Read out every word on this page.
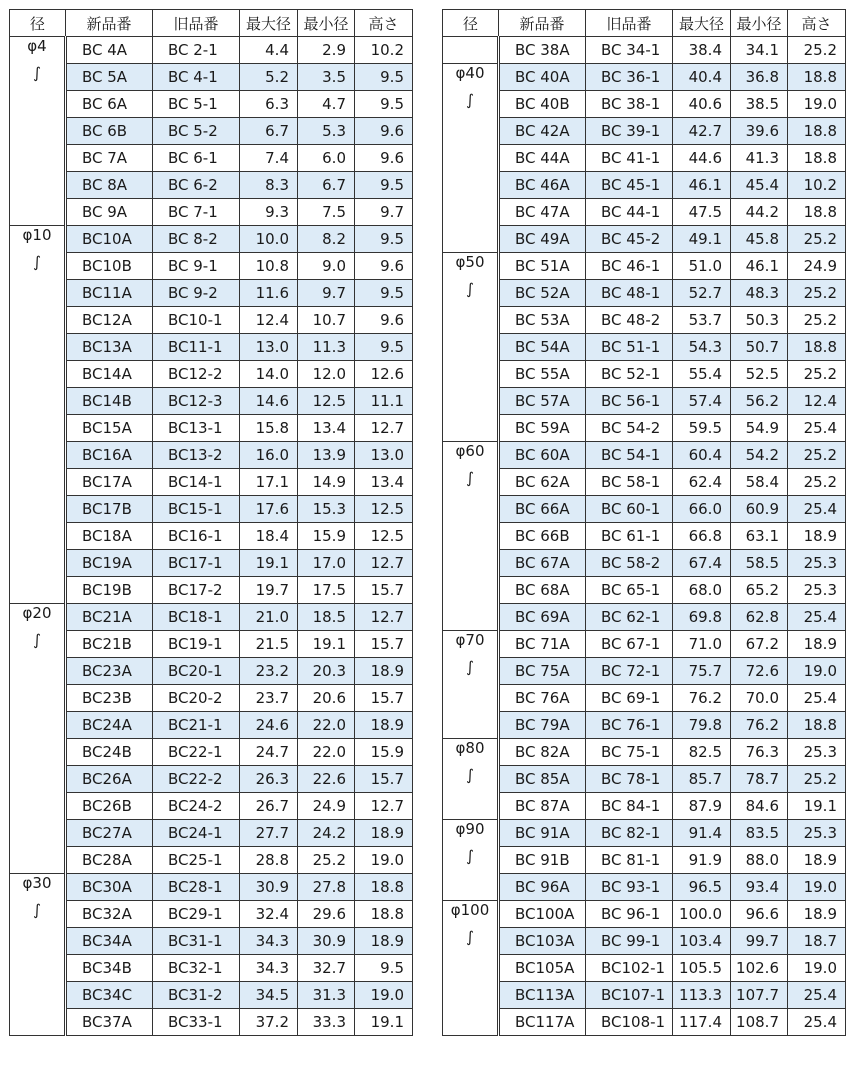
径	新品番	旧品番	最大径	最小径	高さ
φ4	BC 4A	BC 2-1	4.4	2.9	10.2
∫	BC 5A	BC 4-1	5.2	3.5	9.5
	BC 6A	BC 5-1	6.3	4.7	9.5
	BC 6B	BC 5-2	6.7	5.3	9.6
	BC 7A	BC 6-1	7.4	6.0	9.6
	BC 8A	BC 6-2	8.3	6.7	9.5
	BC 9A	BC 7-1	9.3	7.5	9.7
φ10	BC10A	BC 8-2	10.0	8.2	9.5
∫	BC10B	BC 9-1	10.8	9.0	9.6
	BC11A	BC 9-2	11.6	9.7	9.5
	BC12A	BC10-1	12.4	10.7	9.6
	BC13A	BC11-1	13.0	11.3	9.5
	BC14A	BC12-2	14.0	12.0	12.6
	BC14B	BC12-3	14.6	12.5	11.1
	BC15A	BC13-1	15.8	13.4	12.7
	BC16A	BC13-2	16.0	13.9	13.0
	BC17A	BC14-1	17.1	14.9	13.4
	BC17B	BC15-1	17.6	15.3	12.5
	BC18A	BC16-1	18.4	15.9	12.5
	BC19A	BC17-1	19.1	17.0	12.7
	BC19B	BC17-2	19.7	17.5	15.7
φ20	BC21A	BC18-1	21.0	18.5	12.7
∫	BC21B	BC19-1	21.5	19.1	15.7
	BC23A	BC20-1	23.2	20.3	18.9
	BC23B	BC20-2	23.7	20.6	15.7
	BC24A	BC21-1	24.6	22.0	18.9
	BC24B	BC22-1	24.7	22.0	15.9
	BC26A	BC22-2	26.3	22.6	15.7
	BC26B	BC24-2	26.7	24.9	12.7
	BC27A	BC24-1	27.7	24.2	18.9
	BC28A	BC25-1	28.8	25.2	19.0
φ30	BC30A	BC28-1	30.9	27.8	18.8
∫	BC32A	BC29-1	32.4	29.6	18.8
	BC34A	BC31-1	34.3	30.9	18.9
	BC34B	BC32-1	34.3	32.7	9.5
	BC34C	BC31-2	34.5	31.3	19.0
	BC37A	BC33-1	37.2	33.3	19.1
径	新品番	旧品番	最大径	最小径	高さ
	BC 38A	BC 34-1	38.4	34.1	25.2
φ40	BC 40A	BC 36-1	40.4	36.8	18.8
∫	BC 40B	BC 38-1	40.6	38.5	19.0
	BC 42A	BC 39-1	42.7	39.6	18.8
	BC 44A	BC 41-1	44.6	41.3	18.8
	BC 46A	BC 45-1	46.1	45.4	10.2
	BC 47A	BC 44-1	47.5	44.2	18.8
	BC 49A	BC 45-2	49.1	45.8	25.2
φ50	BC 51A	BC 46-1	51.0	46.1	24.9
∫	BC 52A	BC 48-1	52.7	48.3	25.2
	BC 53A	BC 48-2	53.7	50.3	25.2
	BC 54A	BC 51-1	54.3	50.7	18.8
	BC 55A	BC 52-1	55.4	52.5	25.2
	BC 57A	BC 56-1	57.4	56.2	12.4
	BC 59A	BC 54-2	59.5	54.9	25.4
φ60	BC 60A	BC 54-1	60.4	54.2	25.2
∫	BC 62A	BC 58-1	62.4	58.4	25.2
	BC 66A	BC 60-1	66.0	60.9	25.4
	BC 66B	BC 61-1	66.8	63.1	18.9
	BC 67A	BC 58-2	67.4	58.5	25.3
	BC 68A	BC 65-1	68.0	65.2	25.3
	BC 69A	BC 62-1	69.8	62.8	25.4
φ70	BC 71A	BC 67-1	71.0	67.2	18.9
∫	BC 75A	BC 72-1	75.7	72.6	19.0
	BC 76A	BC 69-1	76.2	70.0	25.4
	BC 79A	BC 76-1	79.8	76.2	18.8
φ80	BC 82A	BC 75-1	82.5	76.3	25.3
∫	BC 85A	BC 78-1	85.7	78.7	25.2
	BC 87A	BC 84-1	87.9	84.6	19.1
φ90	BC 91A	BC 82-1	91.4	83.5	25.3
∫	BC 91B	BC 81-1	91.9	88.0	18.9
	BC 96A	BC 93-1	96.5	93.4	19.0
φ100	BC100A	BC 96-1	100.0	96.6	18.9
∫	BC103A	BC 99-1	103.4	99.7	18.7
	BC105A	BC102-1	105.5	102.6	19.0
	BC113A	BC107-1	113.3	107.7	25.4
	BC117A	BC108-1	117.4	108.7	25.4
